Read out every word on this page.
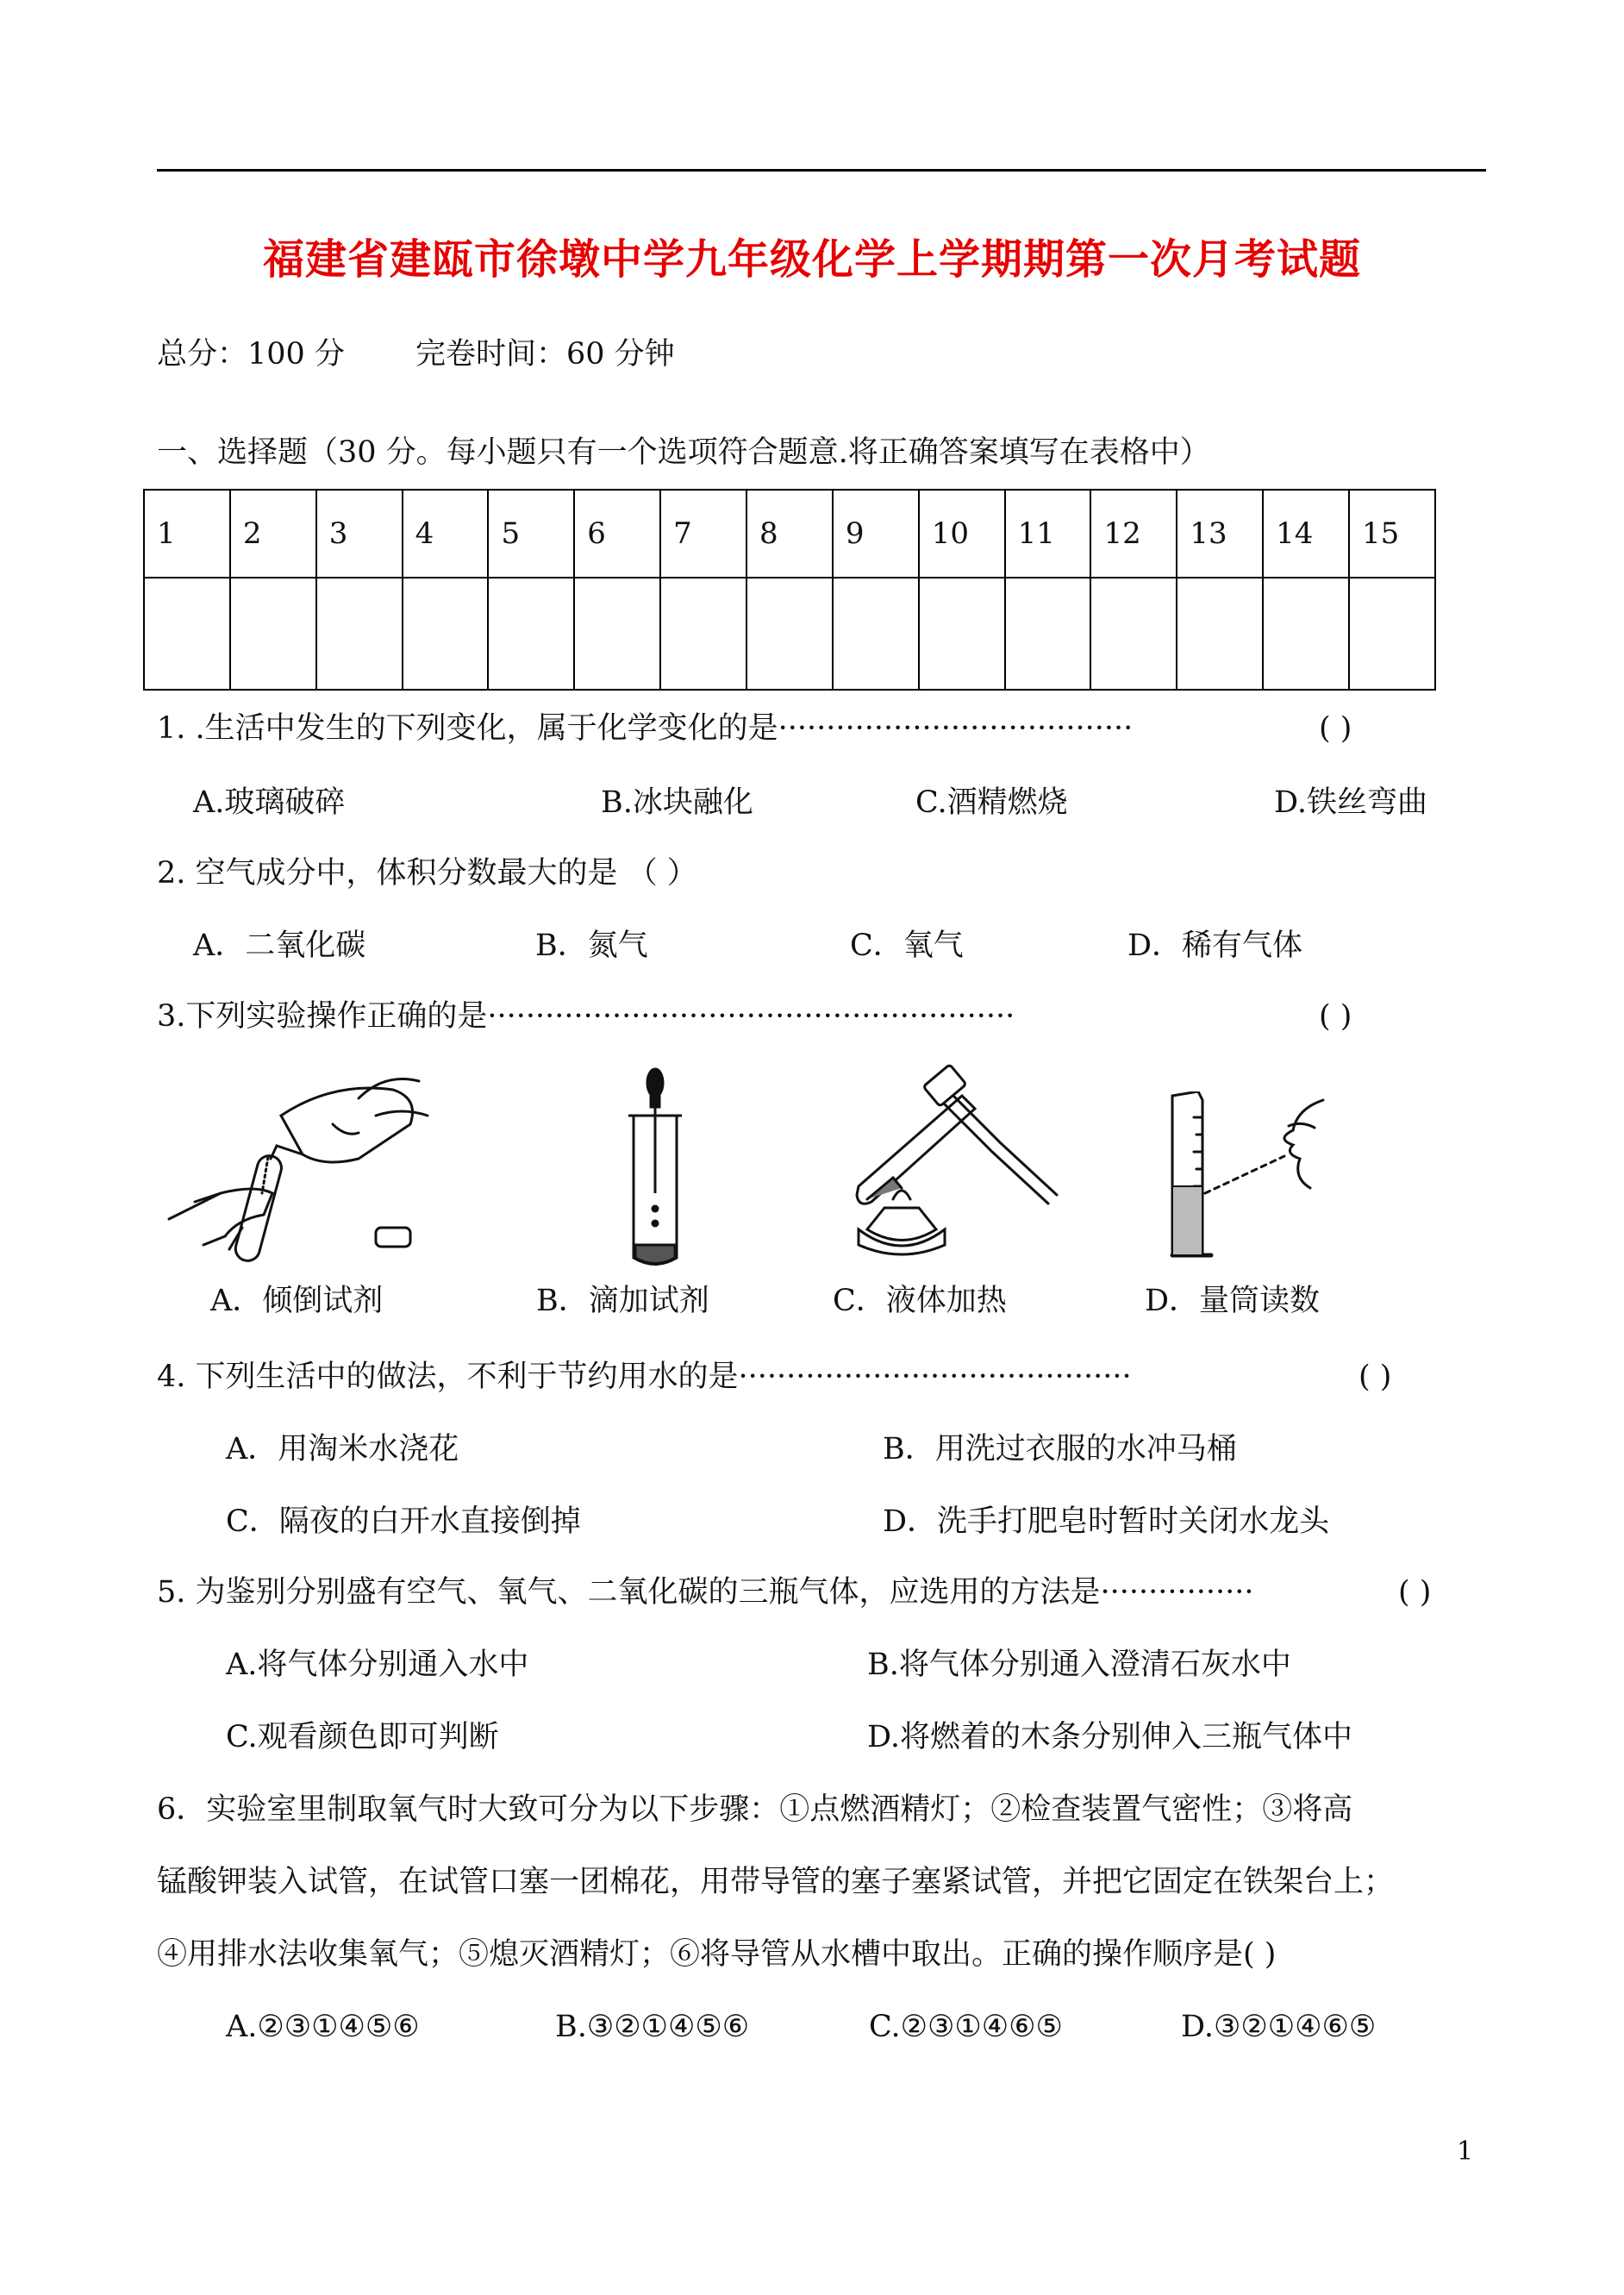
福建省建瓯市徐墩中学九年级化学上学期期第一次月考试题
总分：100 分 完卷时间：60 分钟
一、选择题（30 分。每小题只有一个选项符合题意.将正确答案填写在表格中）
1	2	3	4	5	6	7	8	9	10	11	12	13	14	15

1. .生活中发生的下列变化，属于化学变化的是·····································	( )
A.玻璃破碎	B.冰块融化	C.酒精燃烧	D.铁丝弯曲
2. 空气成分中，体积分数最大的是 （ ）
A．二氧化碳	B．氮气	C．氧气	D．稀有气体
3.下列实验操作正确的是·······················································	( )
A．倾倒试剂	B．滴加试剂	C．液体加热	D．量筒读数
4. 下列生活中的做法，不利于节约用水的是·········································	( )
A．用淘米水浇花	B．用洗过衣服的水冲马桶
C．隔夜的白开水直接倒掉	D．洗手打肥皂时暂时关闭水龙头
5. 为鉴别分别盛有空气、氧气、二氧化碳的三瓶气体，应选用的方法是················	( )
A.将气体分别通入水中	B.将气体分别通入澄清石灰水中
C.观看颜色即可判断	D.将燃着的木条分别伸入三瓶气体中
6．实验室里制取氧气时大致可分为以下步骤：①点燃酒精灯；②检查装置气密性；③将高
锰酸钾装入试管，在试管口塞一团棉花，用带导管的塞子塞紧试管，并把它固定在铁架台上；
④用排水法收集氧气；⑤熄灭酒精灯；⑥将导管从水槽中取出。正确的操作顺序是( )
A.②③①④⑤⑥	B.③②①④⑤⑥	C.②③①④⑥⑤	D.③②①④⑥⑤
1
